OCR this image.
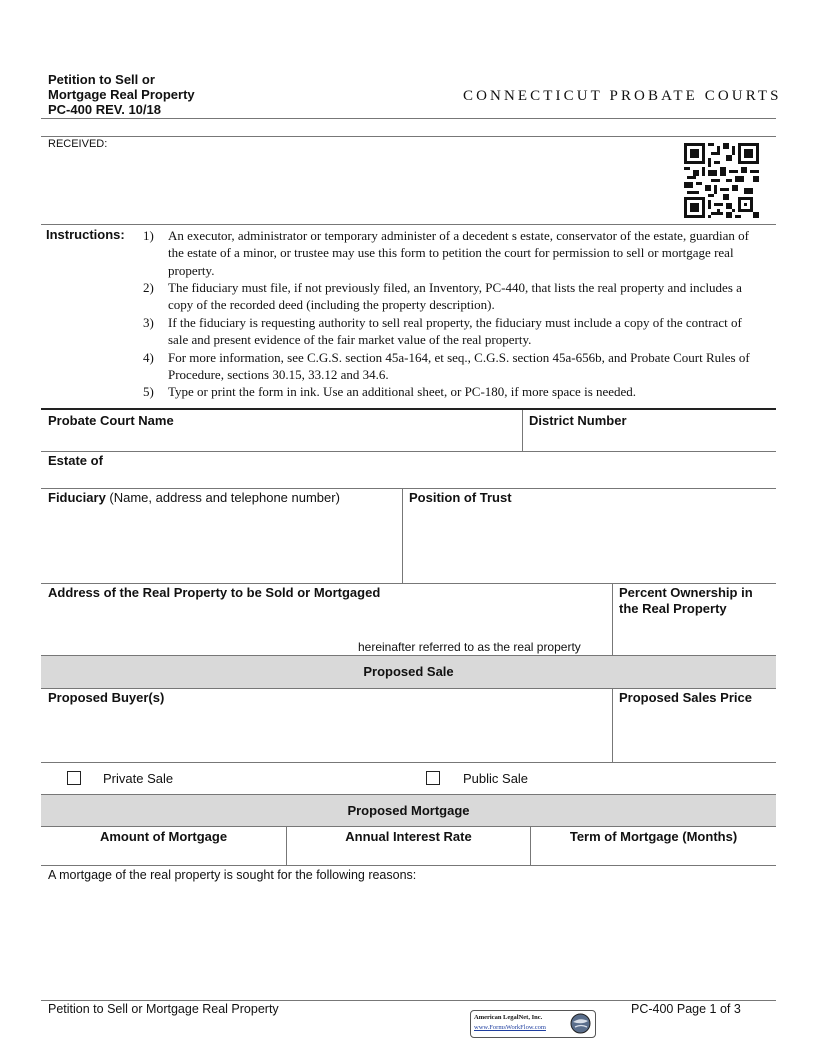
Petition to Sell or
Mortgage Real Property
PC-400 REV. 10/18
CONNECTICUT PROBATE COURTS
RECEIVED:
Instructions: 1)	An executor, administrator or temporary administer of a decedent s estate, conservator of the estate, guardian of the estate of a minor, or trustee may use this form to petition the court for permission to sell or mortgage real property.
2)	The fiduciary must file, if not previously filed, an Inventory, PC-440, that lists the real property and includes a copy of the recorded deed (including the property description).
3)	If the fiduciary is requesting authority to sell real property, the fiduciary must include a copy of the contract of sale and present evidence of the fair market value of the real property.
4)	For more information, see C.G.S. section 45a-164, et seq., C.G.S. section 45a-656b, and Probate Court Rules of Procedure, sections 30.15, 33.12 and 34.6.
5)	Type or print the form in ink. Use an additional sheet, or PC-180, if more space is needed.
Probate Court Name	District Number
Estate of
Fiduciary (Name, address and telephone number)	Position of Trust
Address of the Real Property to be Sold or Mortgaged	Percent Ownership in the Real Property
hereinafter referred to as the real property
Proposed Sale
Proposed Buyer(s)	Proposed Sales Price
Private Sale	Public Sale
Proposed Mortgage
Amount of Mortgage	Annual Interest Rate	Term of Mortgage (Months)
A mortgage of the real property is sought for the following reasons:
Petition to Sell or Mortgage Real Property	PC-400 Page 1 of 3
American LegalNet, Inc.
www.FormsWorkFlow.com
